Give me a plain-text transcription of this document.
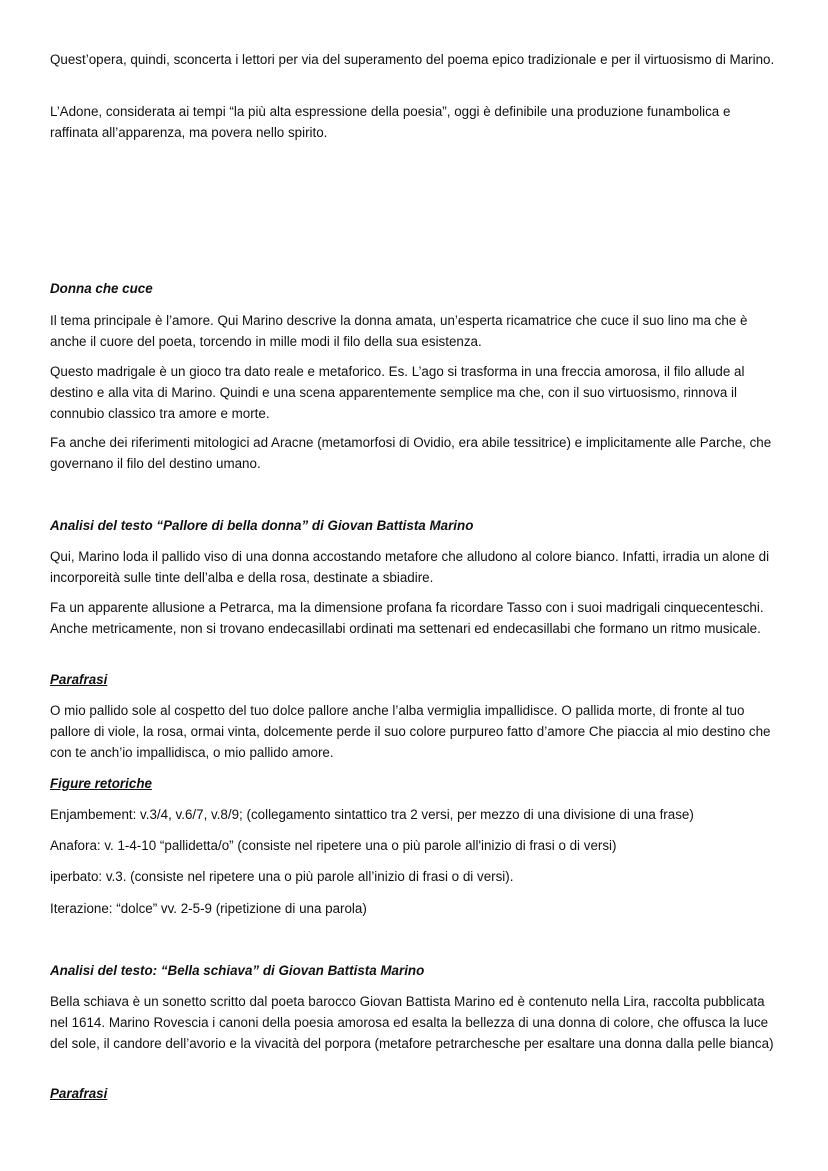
Quest’opera, quindi, sconcerta i lettori per via del superamento del poema epico tradizionale e per il virtuosismo di Marino.

L’Adone, considerata ai tempi “la più alta espressione della poesia”, oggi è definibile una produzione funambolica e raffinata all’apparenza, ma povera nello spirito.

Donna che cuce

Il tema principale è l’amore. Qui Marino descrive la donna amata, un’esperta ricamatrice che cuce il suo lino ma che è anche il cuore del poeta, torcendo in mille modi il filo della sua esistenza.

Questo madrigale è un gioco tra dato reale e metaforico. Es. L’ago si trasforma in una freccia amorosa, il filo allude al destino e alla vita di Marino. Quindi e una scena apparentemente semplice ma che, con il suo virtuosismo, rinnova il connubio classico tra amore e morte.

Fa anche dei riferimenti mitologici ad Aracne (metamorfosi di Ovidio, era abile tessitrice) e implicitamente alle Parche, che governano il filo del destino umano.

Analisi del testo “Pallore di bella donna” di Giovan Battista Marino

Qui, Marino loda il pallido viso di una donna accostando metafore che alludono al colore bianco. Infatti, irradia un alone di incorporeità sulle tinte dell’alba e della rosa, destinate a sbiadire.

Fa un apparente allusione a Petrarca, ma la dimensione profana fa ricordare Tasso con i suoi madrigali cinquecenteschi. Anche metricamente, non si trovano endecasillabi ordinati ma settenari ed endecasillabi che formano un ritmo musicale.

Parafrasi

O mio pallido sole al cospetto del tuo dolce pallore anche l’alba vermiglia impallidisce. O pallida morte, di fronte al tuo pallore di viole, la rosa, ormai vinta, dolcemente perde il suo colore purpureo fatto d’amore Che piaccia al mio destino che con te anch’io impallidisca, o mio pallido amore.

Figure retoriche

Enjambement: v.3/4, v.6/7, v.8/9; (collegamento sintattico tra 2 versi, per mezzo di una divisione di una frase)

Anafora: v. 1-4-10 “pallidetta/o” (consiste nel ripetere una o più parole all'inizio di frasi o di versi)

iperbato: v.3. (consiste nel ripetere una o più parole all’inizio di frasi o di versi).

Iterazione: “dolce” vv. 2-5-9 (ripetizione di una parola)

Analisi del testo: “Bella schiava” di Giovan Battista Marino

Bella schiava è un sonetto scritto dal poeta barocco Giovan Battista Marino ed è contenuto nella Lira, raccolta pubblicata nel 1614. Marino Rovescia i canoni della poesia amorosa ed esalta la bellezza di una donna di colore, che offusca la luce del sole, il candore dell’avorio e la vivacità del porpora (metafore petrarchesche per esaltare una donna dalla pelle bianca)

Parafrasi
